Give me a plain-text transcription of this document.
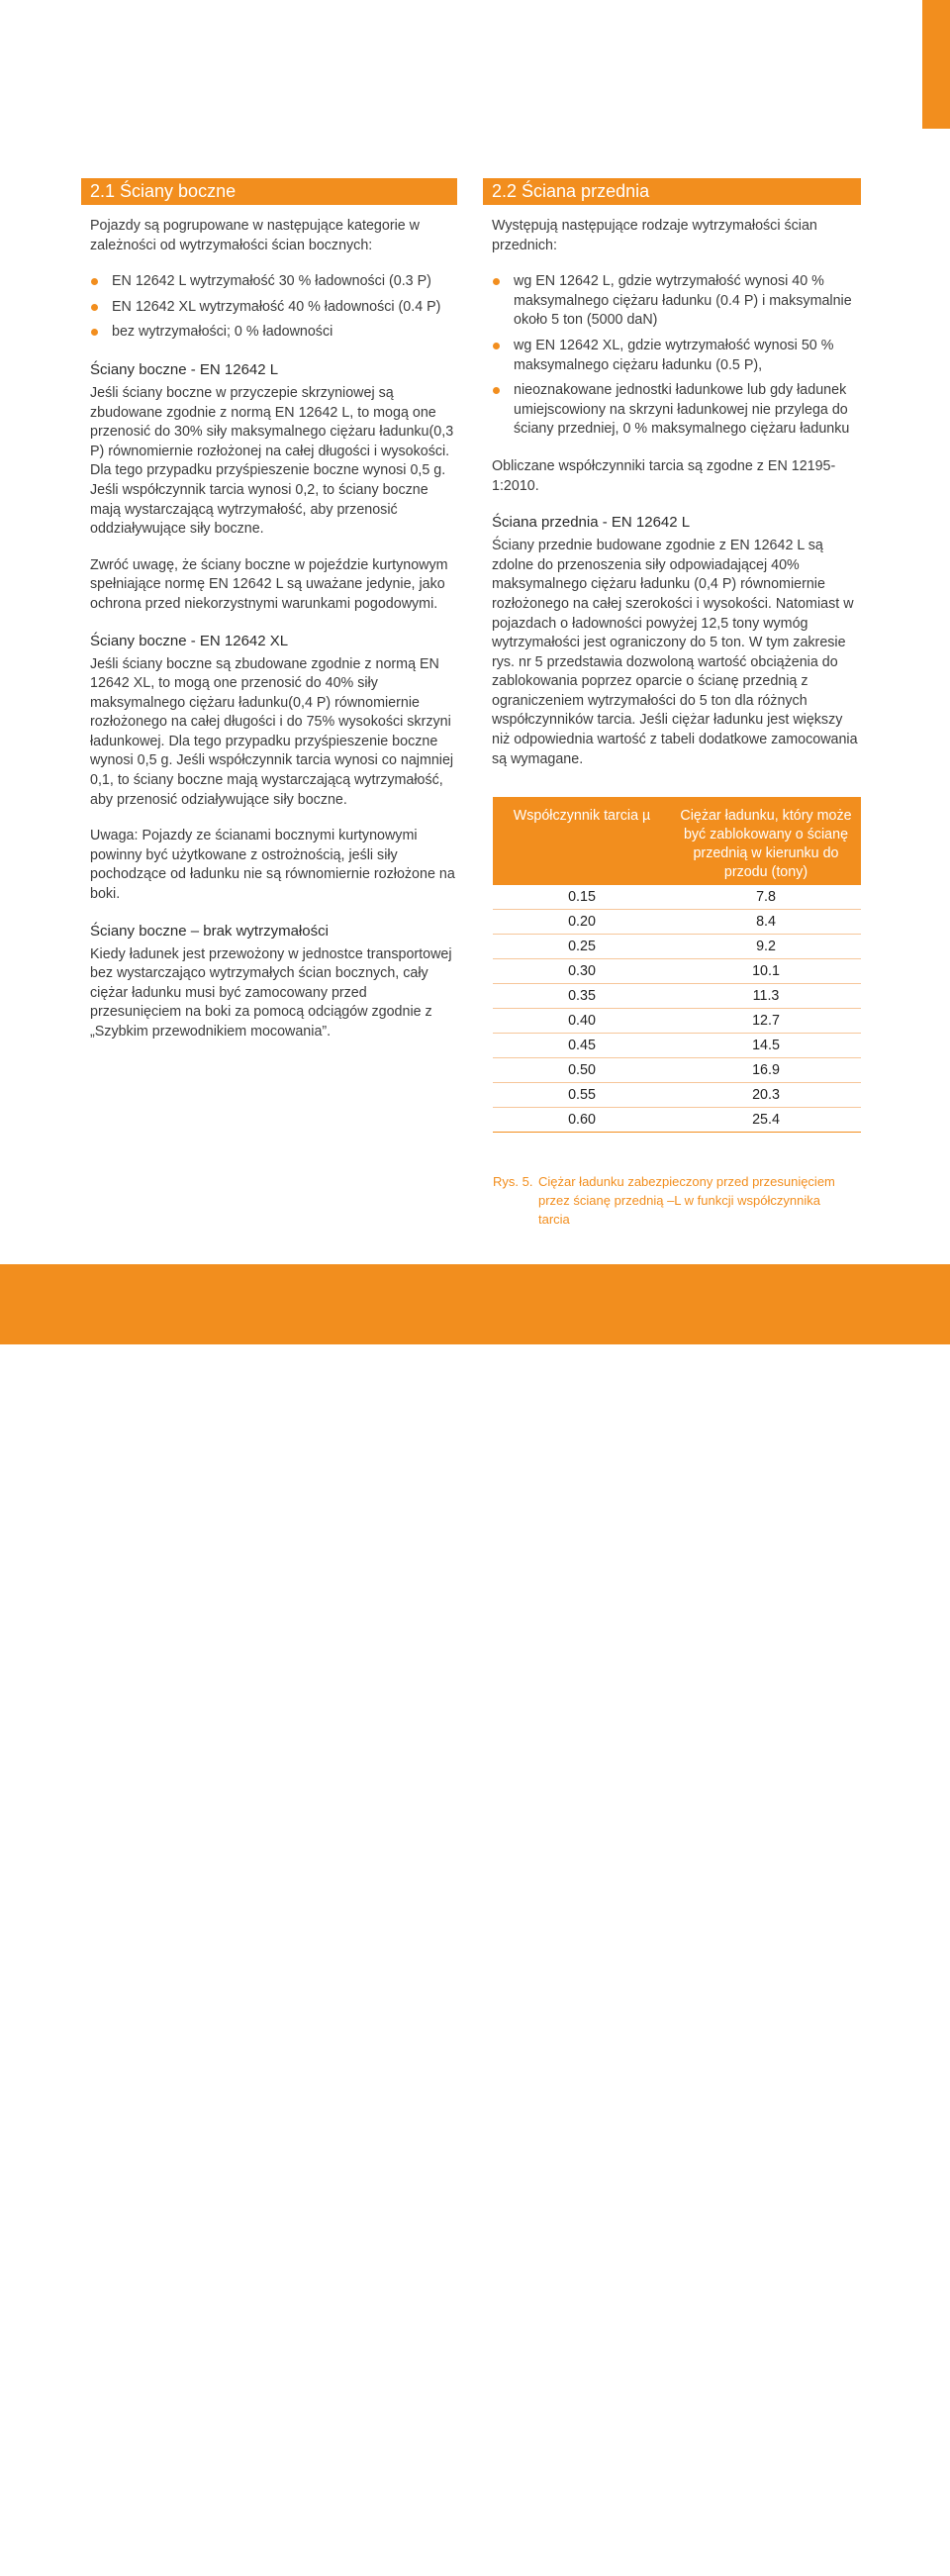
2.1 Ściany boczne

Pojazdy są pogrupowane w następujące kategorie w zależności od wytrzymałości ścian bocznych:

EN 12642 L wytrzymałość 30 % ładowności (0.3 P)
EN 12642 XL wytrzymałość 40 % ładowności (0.4 P)
bez wytrzymałości; 0 % ładowności
Ściany boczne - EN 12642 L

Jeśli ściany boczne w przyczepie skrzyniowej są zbudowane zgodnie z normą EN 12642 L, to mogą one przenosić do 30% siły maksymalnego ciężaru ładunku(0,3 P) równomiernie rozłożonej na całej długości i wysokości. Dla tego przypadku przyśpieszenie boczne wynosi 0,5 g. Jeśli współczynnik tarcia wynosi 0,2, to ściany boczne mają wystarczającą wytrzymałość, aby przenosić oddziaływujące siły boczne.

Zwróć uwagę, że ściany boczne w pojeździe kurtynowym spełniające normę EN 12642 L są uważane jedynie, jako ochrona przed niekorzystnymi warunkami pogodowymi.

Ściany boczne - EN 12642 XL

Jeśli ściany boczne są zbudowane zgodnie z normą EN 12642 XL, to mogą one przenosić do 40% siły maksymalnego ciężaru ładunku(0,4 P) równomiernie rozłożonego na całej długości i do 75% wysokości skrzyni ładunkowej. Dla tego przypadku przyśpieszenie boczne wynosi 0,5 g. Jeśli współczynnik tarcia wynosi co najmniej 0,1, to ściany boczne mają wystarczającą wytrzymałość, aby przenosić odziaływujące siły boczne.

Uwaga: Pojazdy ze ścianami bocznymi kurtynowymi powinny być użytkowane z ostrożnością, jeśli siły pochodzące od ładunku nie są równomiernie rozłożone na boki.

Ściany boczne – brak wytrzymałości

Kiedy ładunek jest przewożony w jednostce transportowej bez wystarczająco wytrzymałych ścian bocznych, cały ciężar ładunku musi być zamocowany przed przesunięciem na boki za pomocą odciągów zgodnie z „Szybkim przewodnikiem mocowania”.

2.2 Ściana przednia

Występują następujące rodzaje wytrzymałości ścian przednich:

wg EN 12642 L, gdzie wytrzymałość wynosi 40 % maksymalnego ciężaru ładunku (0.4 P) i maksymalnie około 5 ton (5000 daN)
wg EN 12642 XL, gdzie wytrzymałość wynosi 50 % maksymalnego ciężaru ładunku (0.5 P),
nieoznakowane jednostki ładunkowe lub gdy ładunek umiejscowiony na skrzyni ładunkowej nie przylega do ściany przedniej, 0 % maksymalnego ciężaru ładunku

Obliczane współczynniki tarcia są zgodne z EN 12195-1:2010.

Ściana przednia - EN 12642 L

Ściany przednie budowane zgodnie z EN 12642 L są zdolne do przenoszenia siły odpowiadającej 40% maksymalnego ciężaru ładunku (0,4 P) równomiernie rozłożonego na całej szerokości i wysokości. Natomiast w pojazdach o ładowności powyżej 12,5 tony wymóg wytrzymałości jest ograniczony do 5 ton. W tym zakresie rys. nr 5 przedstawia dozwoloną wartość obciążenia do zablokowania poprzez oparcie o ścianę przednią z ograniczeniem wytrzymałości do 5 ton dla różnych współczynników tarcia. Jeśli ciężar ładunku jest większy niż odpowiednia wartość z tabeli dodatkowe zamocowania są wymagane.

Współczynnik tarcia µ	Ciężar ładunku, który może być zablokowany o ścianę przednią w kierunku do przodu (tony)
0.15	7.8
0.20	8.4
0.25	9.2
0.30	10.1
0.35	11.3
0.40	12.7
0.45	14.5
0.50	16.9
0.55	20.3
0.60	25.4
Rys. 5. Ciężar ładunku zabezpieczony przed przesunięciem przez ścianę przednią –L w funkcji współczynnika tarcia
Budowa pojazdu 13
